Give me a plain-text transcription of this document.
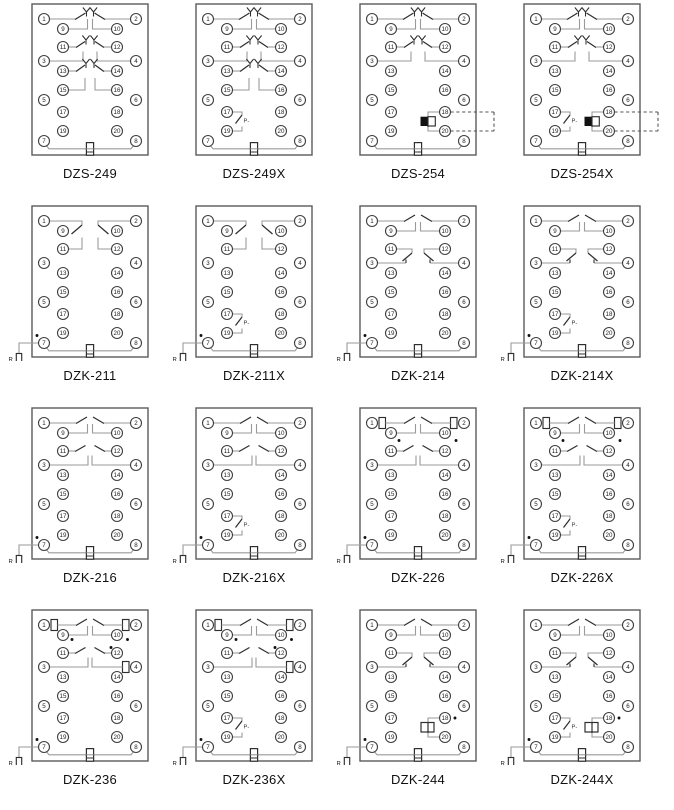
1
3
5
7
9
11
13
15
17
19
10
12
14
16
18
20
2
4
6
8
DZS-249
P-
1
3
5
7
9
11
13
15
17
19
10
12
14
16
18
20
2
4
6
8
DZS-249X
1
3
5
7
9
11
13
15
17
19
10
12
14
16
18
20
2
4
6
8
DZS-254
P-
1
3
5
7
9
11
13
15
17
19
10
12
14
16
18
20
2
4
6
8
DZS-254X
R
1
3
5
7
9
11
13
15
17
19
10
12
14
16
18
20
2
4
6
8
DZK-211
P-
R
1
3
5
7
9
11
13
15
17
19
10
12
14
16
18
20
2
4
6
8
DZK-211X
R
1
3
5
7
9
11
13
15
17
19
10
12
14
16
18
20
2
4
6
8
DZK-214
P-
R
1
3
5
7
9
11
13
15
17
19
10
12
14
16
18
20
2
4
6
8
DZK-214X
R
1
3
5
7
9
11
13
15
17
19
10
12
14
16
18
20
2
4
6
8
DZK-216
P-
R
1
3
5
7
9
11
13
15
17
19
10
12
14
16
18
20
2
4
6
8
DZK-216X
R
1
3
5
7
9
11
13
15
17
19
10
12
14
16
18
20
2
4
6
8
DZK-226
P-
R
1
3
5
7
9
11
13
15
17
19
10
12
14
16
18
20
2
4
6
8
DZK-226X
R
1
3
5
7
9
11
13
15
17
19
10
12
14
16
18
20
2
4
6
8
DZK-236
P-
R
1
3
5
7
9
11
13
15
17
19
10
12
14
16
18
20
2
4
6
8
DZK-236X
R
1
3
5
7
9
11
13
15
17
19
10
12
14
16
18
20
2
4
6
8
DZK-244
P-
R
1
3
5
7
9
11
13
15
17
19
10
12
14
16
18
20
2
4
6
8
DZK-244X
